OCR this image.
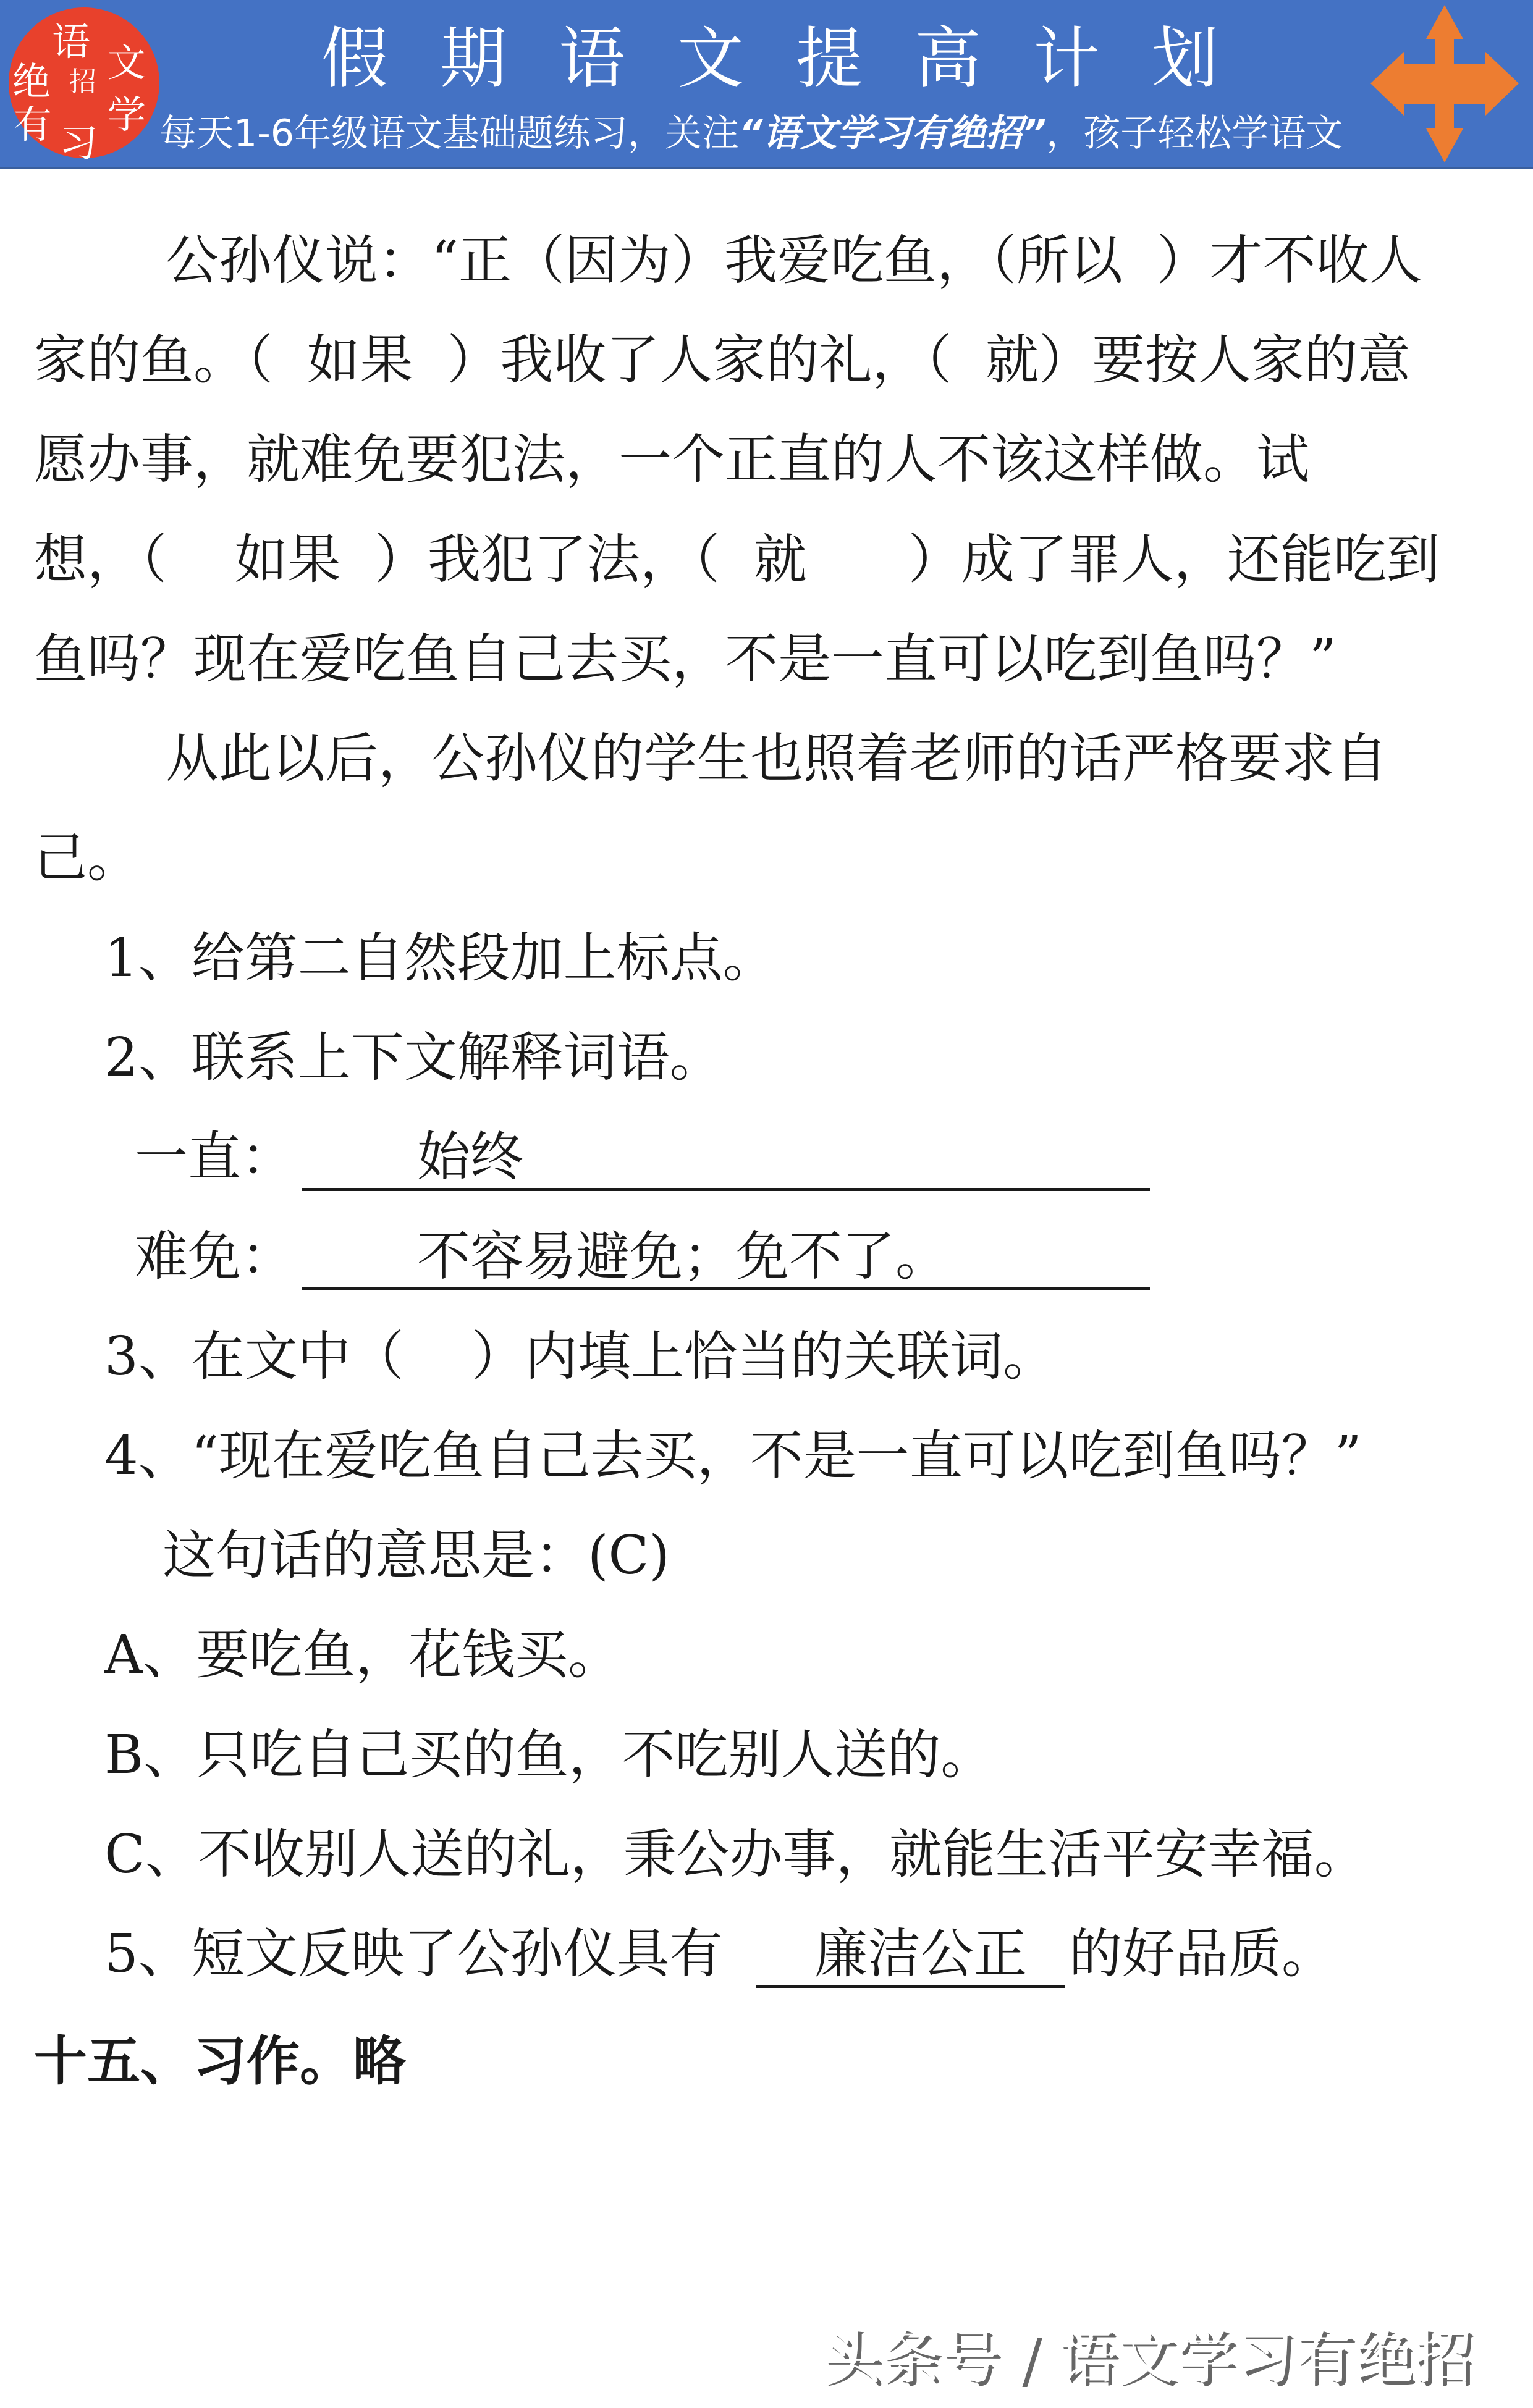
绝
语 文
招
有 习
学
假期语文提高计划
每天1-6年级语文基础题练习，关注“语文学习有绝招”，孩子轻松学语文
公孙仪说：“正（因为）我爱吃鱼，（所以  ）才不收人
家的鱼。（  如果  ）我收了人家的礼，（  就）要按人家的意
愿办事，就难免要犯法，一个正直的人不该这样做。试
想，（    如果  ）我犯了法，（  就      ）成了罪人，还能吃到
鱼吗？现在爱吃鱼自己去买，不是一直可以吃到鱼吗？”
从此以后，公孙仪的学生也照着老师的话严格要求自
己。
1、给第二自然段加上标点。
2、联系上下文解释词语。
一直： 始终
难免： 不容易避免；免不了。
3、在文中（    ）内填上恰当的关联词。
4、“现在爱吃鱼自己去买，不是一直可以吃到鱼吗？”
这句话的意思是：(C)
A、要吃鱼，花钱买。
B、只吃自己买的鱼，不吃别人送的。
C、不收别人送的礼，秉公办事，就能生活平安幸福。
5、短文反映了公孙仪具有 廉洁公正 的好品质。
十五、习作。略
头条号 / 语文学习有绝招
